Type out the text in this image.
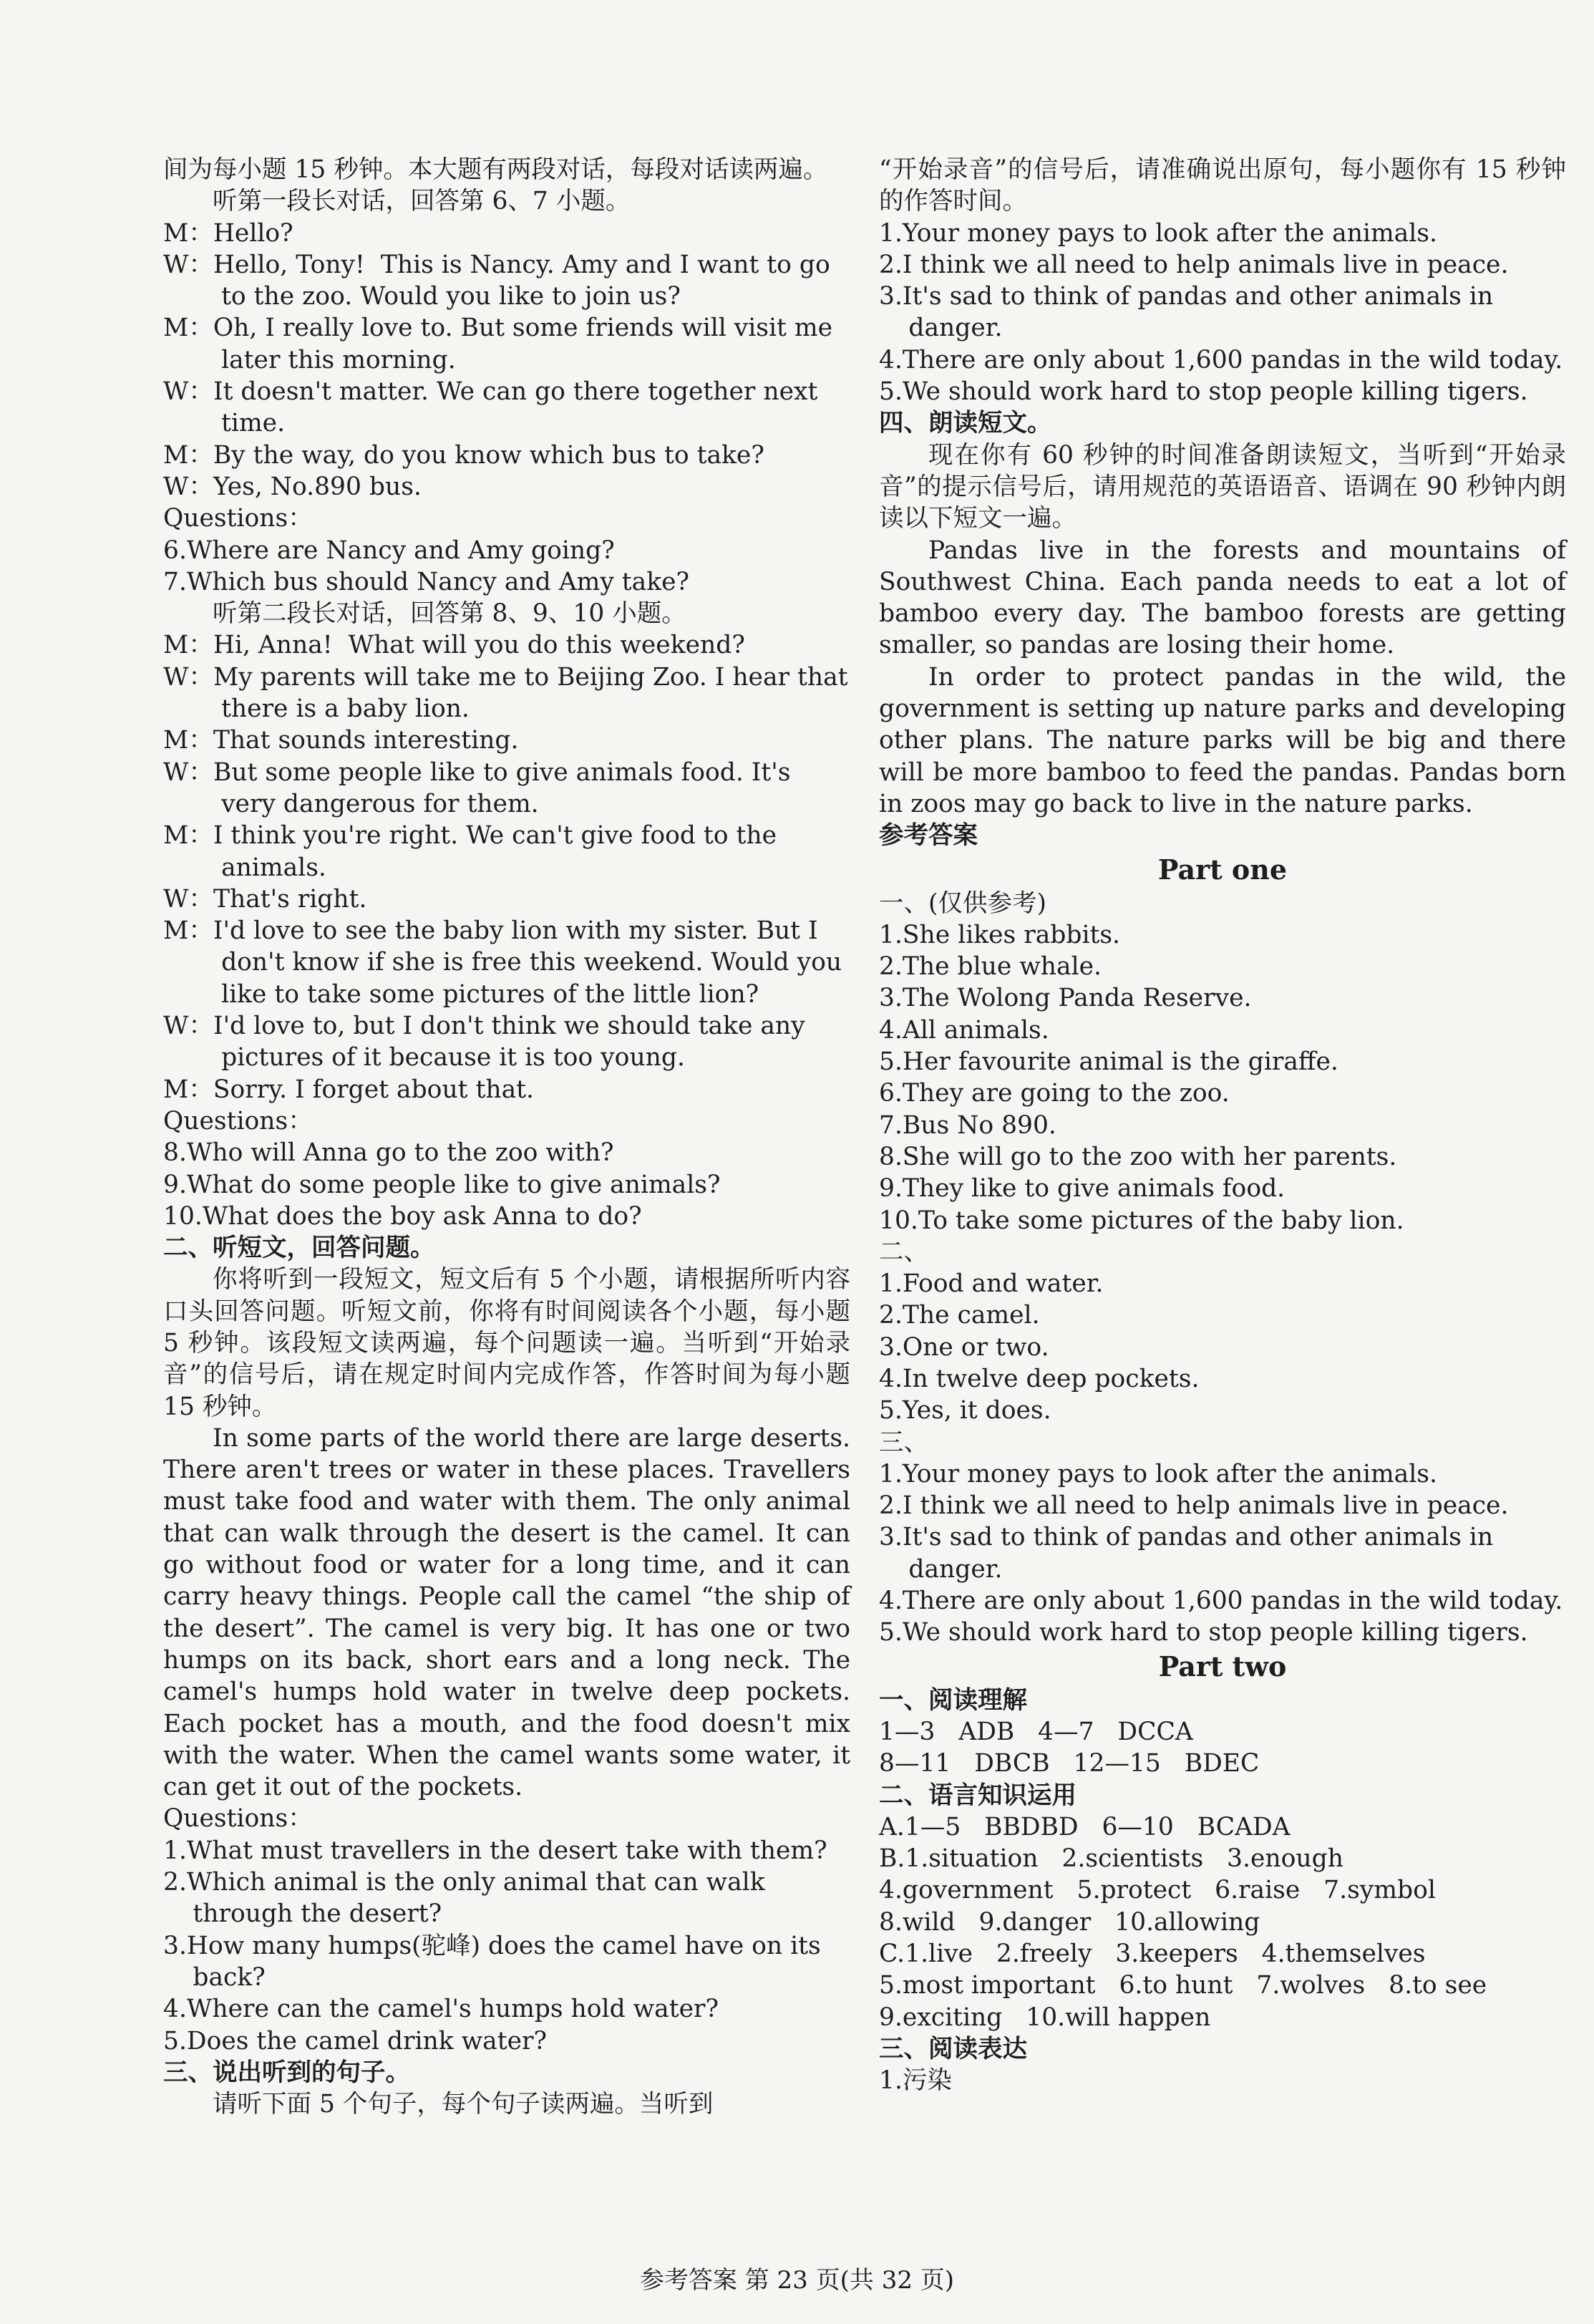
间为每小题 15 秒钟。本大题有两段对话，每段对话读两遍。

听第一段长对话，回答第 6、7 小题。

M：Hello?

W：Hello, Tony!  This is Nancy. Amy and I want to go to the zoo. Would you like to join us?

M：Oh, I really love to. But some friends will visit me later this morning.

W：It doesn't matter. We can go there together next time.

M：By the way, do you know which bus to take?

W：Yes, No.890 bus.

Questions：

6.Where are Nancy and Amy going?

7.Which bus should Nancy and Amy take?

听第二段长对话，回答第 8、9、10 小题。

M：Hi, Anna!  What will you do this weekend?

W：My parents will take me to Beijing Zoo. I hear that there is a baby lion.

M：That sounds interesting.

W：But some people like to give animals food. It's very dangerous for them.

M：I think you're right. We can't give food to the animals.

W：That's right.

M：I'd love to see the baby lion with my sister. But I don't know if she is free this weekend. Would you like to take some pictures of the little lion?

W：I'd love to, but I don't think we should take any pictures of it because it is too young.

M：Sorry. I forget about that.

Questions：

8.Who will Anna go to the zoo with?

9.What do some people like to give animals?

10.What does the boy ask Anna to do?

二、听短文，回答问题。

你将听到一段短文，短文后有 5 个小题，请根据所听内容口头回答问题。听短文前，你将有时间阅读各个小题，每小题 5 秒钟。该段短文读两遍，每个问题读一遍。当听到“开始录音”的信号后，请在规定时间内完成作答，作答时间为每小题 15 秒钟。

In some parts of the world there are large deserts. There aren't trees or water in these places. Travellers must take food and water with them. The only animal that can walk through the desert is the camel. It can go without food or water for a long time, and it can carry heavy things. People call the camel “the ship of the desert”. The camel is very big. It has one or two humps on its back, short ears and a long neck. The camel's humps hold water in twelve deep pockets. Each pocket has a mouth, and the food doesn't mix with the water. When the camel wants some water, it can get it out of the pockets.

Questions：

1.What must travellers in the desert take with them?

2.Which animal is the only animal that can walk through the desert?

3.How many humps(驼峰) does the camel have on its back?

4.Where can the camel's humps hold water?

5.Does the camel drink water?

三、说出听到的句子。

请听下面 5 个句子，每个句子读两遍。当听到

“开始录音”的信号后，请准确说出原句，每小题你有 15 秒钟的作答时间。

1.Your money pays to look after the animals.

2.I think we all need to help animals live in peace.

3.It's sad to think of pandas and other animals in danger.

4.There are only about 1,600 pandas in the wild today.

5.We should work hard to stop people killing tigers.

四、朗读短文。

现在你有 60 秒钟的时间准备朗读短文，当听到“开始录音”的提示信号后，请用规范的英语语音、语调在 90 秒钟内朗读以下短文一遍。

Pandas live in the forests and mountains of Southwest China. Each panda needs to eat a lot of bamboo every day. The bamboo forests are getting smaller, so pandas are losing their home.

In order to protect pandas in the wild, the government is setting up nature parks and developing other plans. The nature parks will be big and there will be more bamboo to feed the pandas. Pandas born in zoos may go back to live in the nature parks.

参考答案

Part one

一、(仅供参考)

1.She likes rabbits.

2.The blue whale.

3.The Wolong Panda Reserve.

4.All animals.

5.Her favourite animal is the giraffe.

6.They are going to the zoo.

7.Bus No 890.

8.She will go to the zoo with her parents.

9.They like to give animals food.

10.To take some pictures of the baby lion.

二、

1.Food and water.

2.The camel.

3.One or two.

4.In twelve deep pockets.

5.Yes, it does.

三、

1.Your money pays to look after the animals.

2.I think we all need to help animals live in peace.

3.It's sad to think of pandas and other animals in danger.

4.There are only about 1,600 pandas in the wild today.

5.We should work hard to stop people killing tigers.

Part two

一、阅读理解

1—3   ADB   4—7   DCCA

8—11   DBCB   12—15   BDEC

二、语言知识运用

A.1—5   BBDBD   6—10   BCADA

B.1.situation   2.scientists   3.enough

4.government   5.protect   6.raise   7.symbol

8.wild   9.danger   10.allowing

C.1.live   2.freely   3.keepers   4.themselves

5.most important   6.to hunt   7.wolves   8.to see

9.exciting   10.will happen

三、阅读表达

1.污染

参考答案 第 23 页(共 32 页)
